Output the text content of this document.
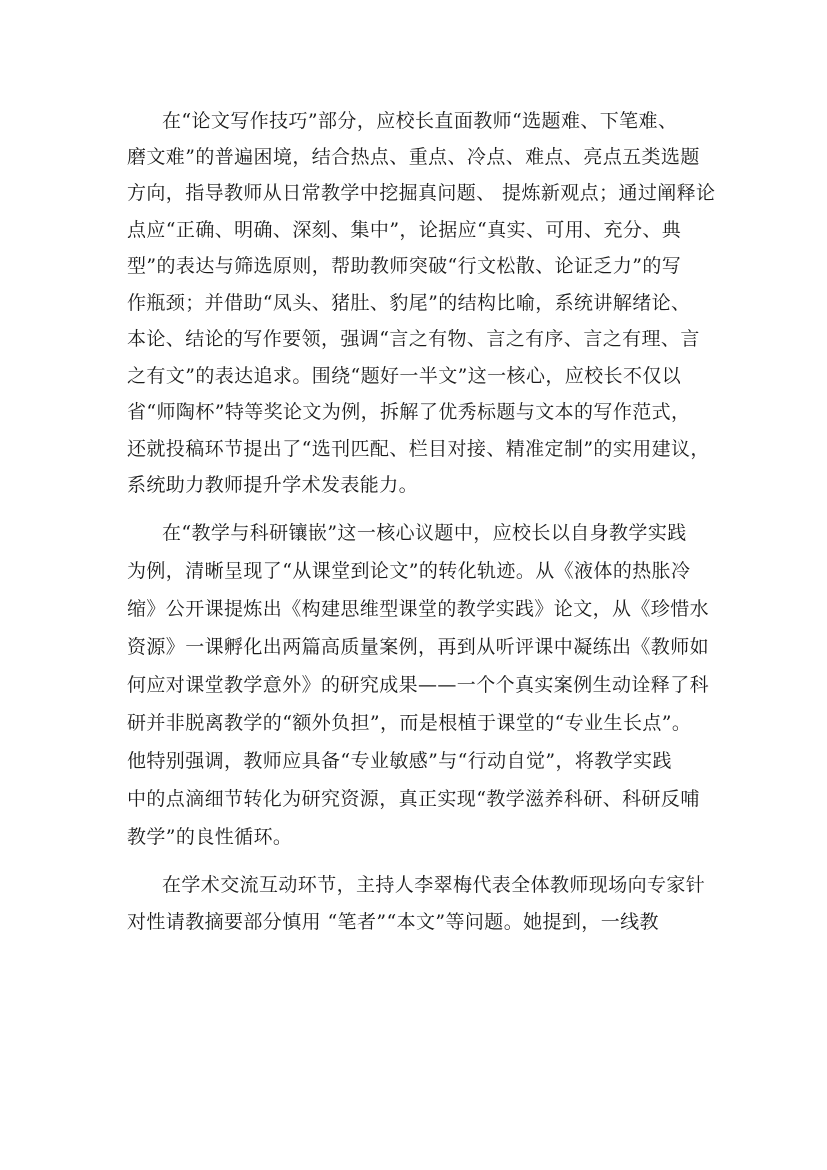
在“论文写作技巧”部分，应校长直面教师“选题难、下笔难、
磨文难”的普遍困境，结合热点、重点、冷点、难点、亮点五类选题
方向，指导教师从日常教学中挖掘真问题、 提炼新观点；通过阐释论
点应“正确、明确、深刻、集中”，论据应“真实、可用、充分、典
型”的表达与筛选原则，帮助教师突破“行文松散、论证乏力”的写
作瓶颈；并借助“凤头、猪肚、豹尾”的结构比喻，系统讲解绪论、
本论、结论的写作要领，强调“言之有物、言之有序、言之有理、言
之有文”的表达追求。围绕“题好一半文”这一核心，应校长不仅以
省“师陶杯”特等奖论文为例，拆解了优秀标题与文本的写作范式，
还就投稿环节提出了“选刊匹配、栏目对接、精准定制”的实用建议，
系统助力教师提升学术发表能力。
在“教学与科研镶嵌”这一核心议题中，应校长以自身教学实践
为例，清晰呈现了“从课堂到论文”的转化轨迹。从《液体的热胀冷
缩》公开课提炼出《构建思维型课堂的教学实践》论文，从《珍惜水
资源》一课孵化出两篇高质量案例，再到从听评课中凝练出《教师如
何应对课堂教学意外》的研究成果——一个个真实案例生动诠释了科
研并非脱离教学的“额外负担”，而是根植于课堂的“专业生长点”。
他特别强调，教师应具备“专业敏感”与“行动自觉”，将教学实践
中的点滴细节转化为研究资源，真正实现“教学滋养科研、科研反哺
教学”的良性循环。
在学术交流互动环节，主持人李翠梅代表全体教师现场向专家针
对性请教摘要部分慎用 “笔者”“本文”等问题。她提到，一线教
